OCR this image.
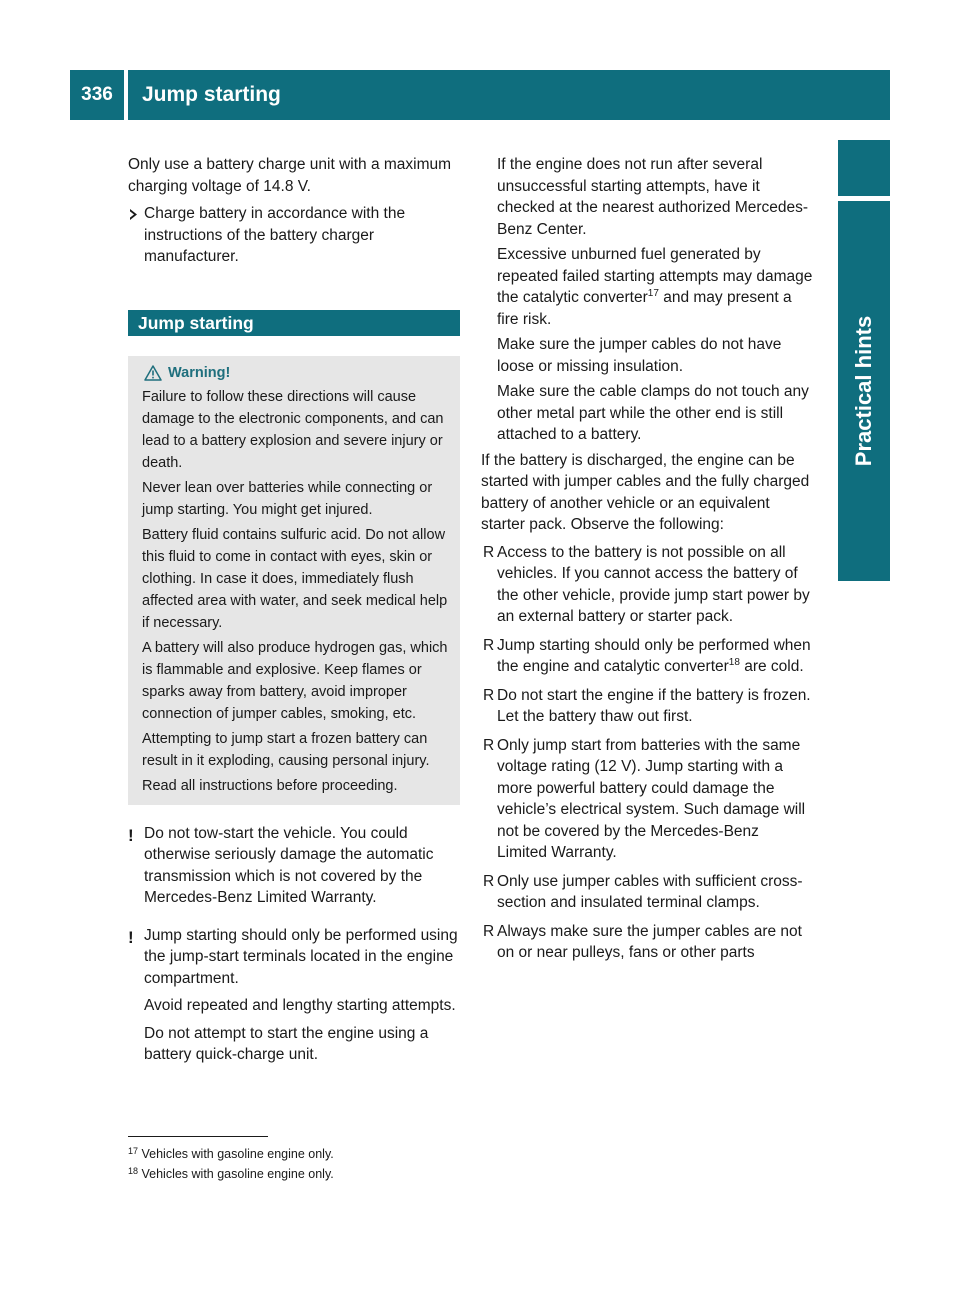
336	Jump starting
Practical hints

Only use a battery charge unit with a maximum charging voltage of 14.8 V.

Charge battery in accordance with the instructions of the battery charger manufacturer.
Jump starting
Warning!

Failure to follow these directions will cause damage to the electronic components, and can lead to a battery explosion and severe injury or death.

Never lean over batteries while connecting or jump starting. You might get injured.

Battery fluid contains sulfuric acid. Do not allow this fluid to come in contact with eyes, skin or clothing. In case it does, immediately flush affected area with water, and seek medical help if necessary.

A battery will also produce hydrogen gas, which is flammable and explosive. Keep flames or sparks away from battery, avoid improper connection of jumper cables, smoking, etc.

Attempting to jump start a frozen battery can result in it exploding, causing personal injury.

Read all instructions before proceeding.

! Do not tow-start the vehicle. You could otherwise seriously damage the automatic transmission which is not covered by the Mercedes-Benz Limited Warranty.
! Jump starting should only be performed using the jump-start terminals located in the engine compartment.

Avoid repeated and lengthy starting attempts.

Do not attempt to start the engine using a battery quick-charge unit.

If the engine does not run after several unsuccessful starting attempts, have it checked at the nearest authorized Mercedes-Benz Center.

Excessive unburned fuel generated by repeated failed starting attempts may damage the catalytic converter$^{17}$ and may present a fire risk.

Make sure the jumper cables do not have loose or missing insulation.

Make sure the cable clamps do not touch any other metal part while the other end is still attached to a battery.

If the battery is discharged, the engine can be started with jumper cables and the fully charged battery of another vehicle or an equivalent starter pack. Observe the following:

R Access to the battery is not possible on all vehicles. If you cannot access the battery of the other vehicle, provide jump start power by an external battery or starter pack.
R Jump starting should only be performed when the engine and catalytic converter$^{18}$ are cold.
R Do not start the engine if the battery is frozen. Let the battery thaw out first.
R Only jump start from batteries with the same voltage rating (12 V). Jump starting with a more powerful battery could damage the vehicle’s electrical system. Such damage will not be covered by the Mercedes-Benz Limited Warranty.
R Only use jumper cables with sufficient cross-section and insulated terminal clamps.
R Always make sure the jumper cables are not on or near pulleys, fans or other parts
$^{17}$ Vehicles with gasoline engine only.
$^{18}$ Vehicles with gasoline engine only.
